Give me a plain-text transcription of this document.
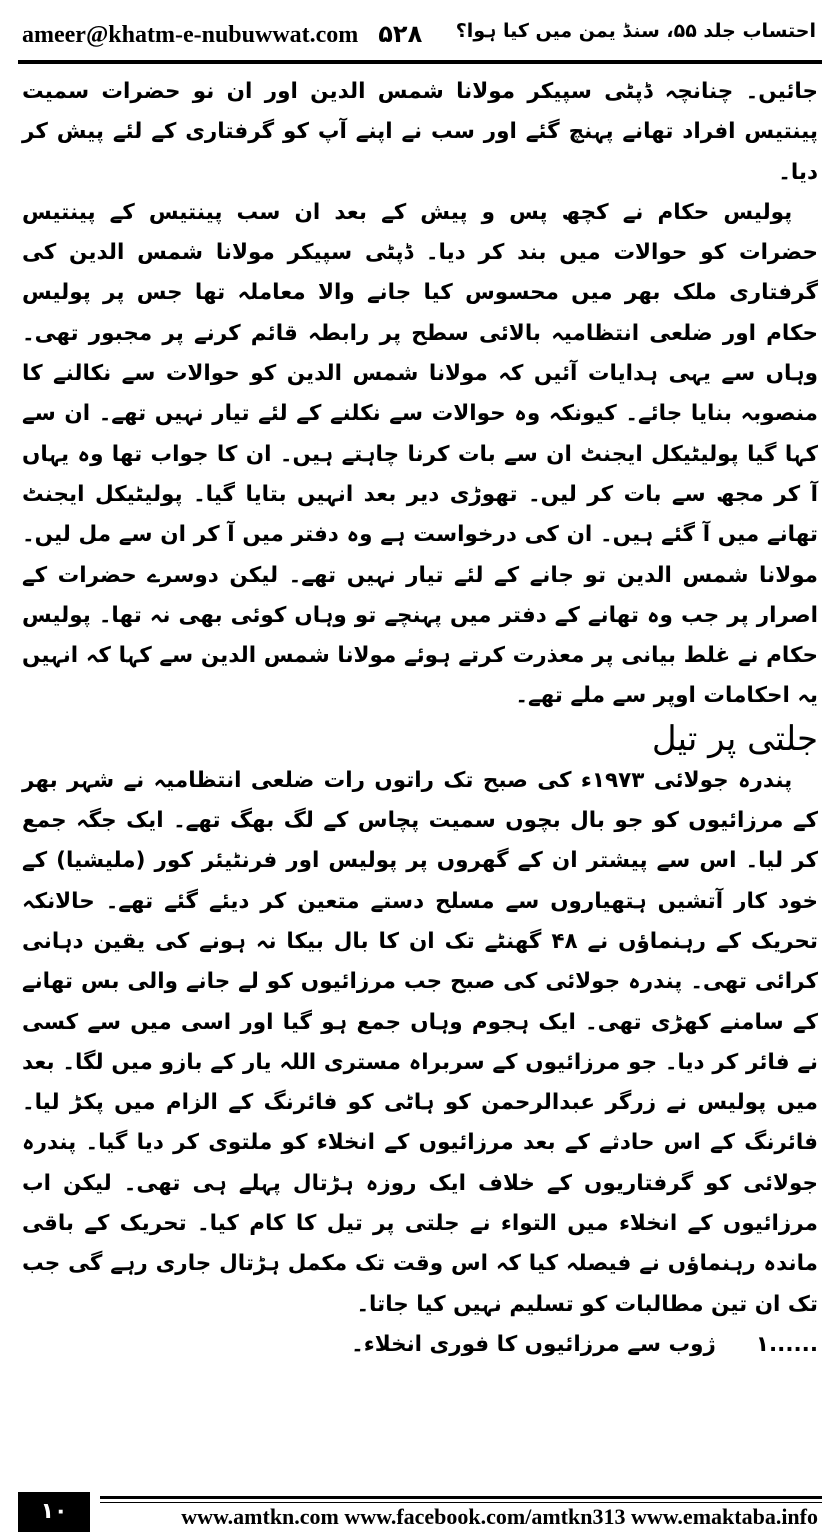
ameer@khatm-e-nubuwwat.com ۵۲۸ احتساب جلد ۵۵، سنڈ یمن میں کیا ہوا؟

جائیں۔ چنانچہ ڈپٹی سپیکر مولانا شمس الدین اور ان نو حضرات سمیت پینتیس افراد تھانے پہنچ گئے اور سب نے اپنے آپ کو گرفتاری کے لئے پیش کر دیا۔

پولیس حکام نے کچھ پس و پیش کے بعد ان سب پینتیس کے پینتیس حضرات کو حوالات میں بند کر دیا۔ ڈپٹی سپیکر مولانا شمس الدین کی گرفتاری ملک بھر میں محسوس کیا جانے والا معاملہ تھا جس پر پولیس حکام اور ضلعی انتظامیہ بالائی سطح پر رابطہ قائم کرنے پر مجبور تھی۔ وہاں سے یہی ہدایات آئیں کہ مولانا شمس الدین کو حوالات سے نکالنے کا منصوبہ بنایا جائے۔ کیونکہ وہ حوالات سے نکلنے کے لئے تیار نہیں تھے۔ ان سے کہا گیا پولیٹیکل ایجنٹ ان سے بات کرنا چاہتے ہیں۔ ان کا جواب تھا وہ یہاں آ کر مجھ سے بات کر لیں۔ تھوڑی دیر بعد انہیں بتایا گیا۔ پولیٹیکل ایجنٹ تھانے میں آ گئے ہیں۔ ان کی درخواست ہے وہ دفتر میں آ کر ان سے مل لیں۔ مولانا شمس الدین تو جانے کے لئے تیار نہیں تھے۔ لیکن دوسرے حضرات کے اصرار پر جب وہ تھانے کے دفتر میں پہنچے تو وہاں کوئی بھی نہ تھا۔ پولیس حکام نے غلط بیانی پر معذرت کرتے ہوئے مولانا شمس الدین سے کہا کہ انہیں یہ احکامات اوپر سے ملے تھے۔

جلتی پر تیل

پندرہ جولائی ۱۹۷۳ء کی صبح تک راتوں رات ضلعی انتظامیہ نے شہر بھر کے مرزائیوں کو جو بال بچوں سمیت پچاس کے لگ بھگ تھے۔ ایک جگہ جمع کر لیا۔ اس سے پیشتر ان کے گھروں پر پولیس اور فرنٹیئر کور (ملیشیا) کے خود کار آتشیں ہتھیاروں سے مسلح دستے متعین کر دیئے گئے تھے۔ حالانکہ تحریک کے رہنماؤں نے ۴۸ گھنٹے تک ان کا بال بیکا نہ ہونے کی یقین دہانی کرائی تھی۔ پندرہ جولائی کی صبح جب مرزائیوں کو لے جانے والی بس تھانے کے سامنے کھڑی تھی۔ ایک ہجوم وہاں جمع ہو گیا اور اسی میں سے کسی نے فائر کر دیا۔ جو مرزائیوں کے سربراہ مستری اللہ یار کے بازو میں لگا۔ بعد میں پولیس نے زرگر عبدالرحمن کو ہاٹی کو فائرنگ کے الزام میں پکڑ لیا۔ فائرنگ کے اس حادثے کے بعد مرزائیوں کے انخلاء کو ملتوی کر دیا گیا۔ پندرہ جولائی کو گرفتاریوں کے خلاف ایک روزہ ہڑتال پہلے ہی تھی۔ لیکن اب مرزائیوں کے انخلاء میں التواء نے جلتی پر تیل کا کام کیا۔ تحریک کے باقی ماندہ رہنماؤں نے فیصلہ کیا کہ اس وقت تک مکمل ہڑتال جاری رہے گی جب تک ان تین مطالبات کو تسلیم نہیں کیا جاتا۔

۱......
ژوب سے مرزائیوں کا فوری انخلاء۔
۱۰	www.amtkn.com www.facebook.com/amtkn313 www.emaktaba.info
